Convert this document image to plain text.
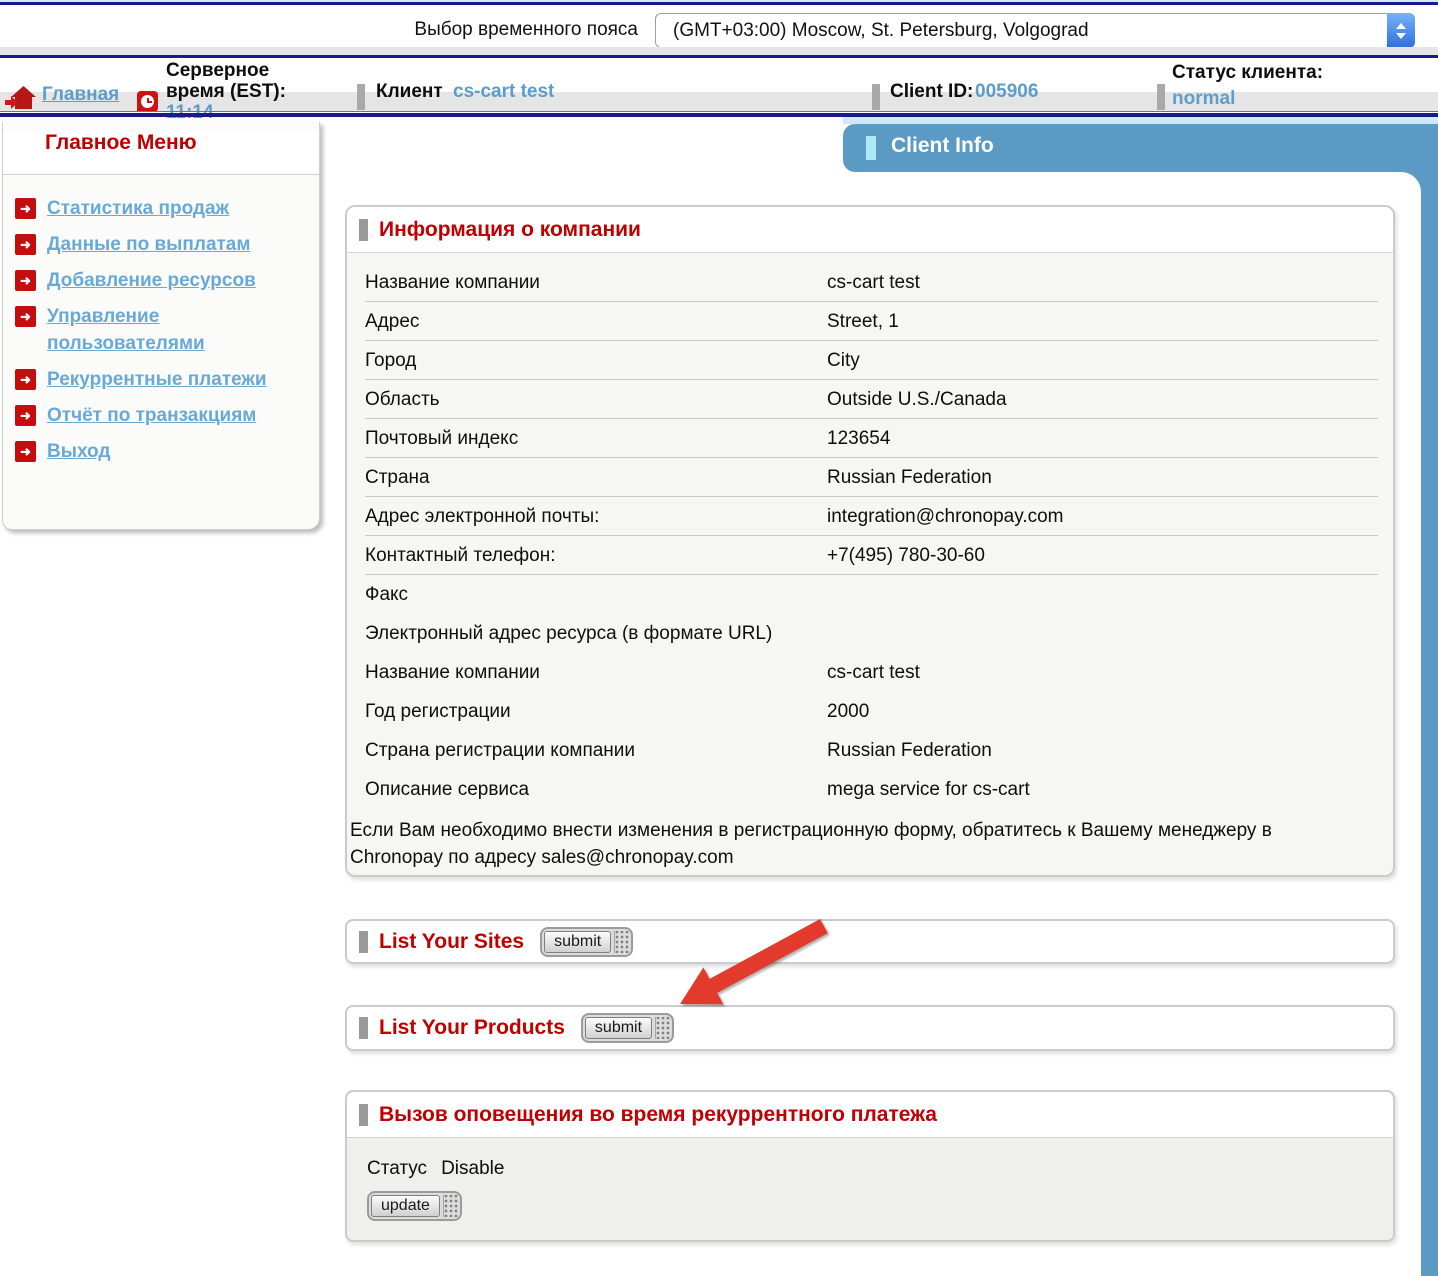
Выбор временного пояса (GMT+03:00) Moscow, St. Petersburg, Volgograd
Главная
Серверное
время (EST):	Клиент cs-cart test	Client ID: 005906
Статус клиента:
normal
Client Info
Главное Меню
➜ Статистика продаж
➜ Данные по выплатам
➜ Добавление ресурсов
➜ Управление пользователями
➜ Рекуррентные платежи
➜ Отчёт по транзакциям
➜ Выход
Информация о компании
Название компании	cs-cart test
Адрес	Street, 1
Город	City
Область	Outside U.S./Canada
Почтовый индекс	123654
Страна	Russian Federation
Адрес электронной почты:	integration@chronopay.com
Контактный телефон:	+7(495) 780-30-60
Факс
Электронный адрес ресурса (в формате URL)
Название компании	cs-cart test
Год регистрации	2000
Страна регистрации компании	Russian Federation
Описание сервиса	mega service for cs-cart
Если Вам необходимо внести изменения в регистрационную форму, обратитесь к Вашему менеджеру в Chronopay по адресу sales@chronopay.com
List Your Sites	submit
List Your Products	submit
Вызов оповещения во время рекуррентного платежа
Статус Disable
update
